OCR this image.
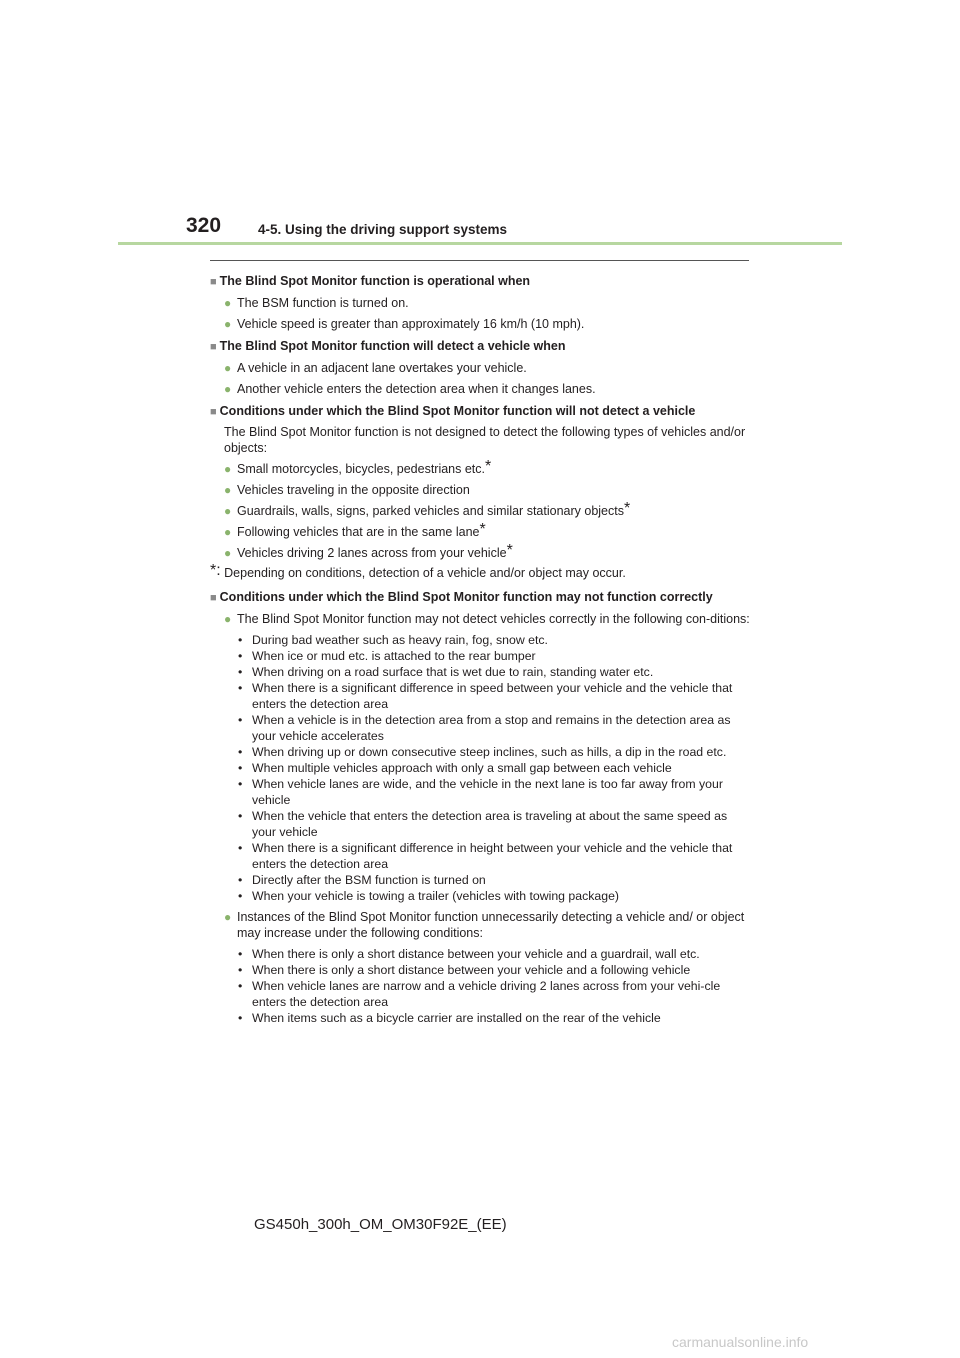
320	4-5. Using the driving support systems
■ The Blind Spot Monitor function is operational when
● The BSM function is turned on.
● Vehicle speed is greater than approximately 16 km/h (10 mph).
■ The Blind Spot Monitor function will detect a vehicle when
● A vehicle in an adjacent lane overtakes your vehicle.
● Another vehicle enters the detection area when it changes lanes.
■ Conditions under which the Blind Spot Monitor function will not detect a vehicle
The Blind Spot Monitor function is not designed to detect the following types of vehicles and/or objects:
● Small motorcycles, bicycles, pedestrians etc.*
● Vehicles traveling in the opposite direction
● Guardrails, walls, signs, parked vehicles and similar stationary objects*
● Following vehicles that are in the same lane*
● Vehicles driving 2 lanes across from your vehicle*
*: Depending on conditions, detection of a vehicle and/or object may occur.
■ Conditions under which the Blind Spot Monitor function may not function correctly
● The Blind Spot Monitor function may not detect vehicles correctly in the following con-ditions:
• During bad weather such as heavy rain, fog, snow etc.
• When ice or mud etc. is attached to the rear bumper
• When driving on a road surface that is wet due to rain, standing water etc.
• When there is a significant difference in speed between your vehicle and the vehicle that enters the detection area
• When a vehicle is in the detection area from a stop and remains in the detection area as your vehicle accelerates
• When driving up or down consecutive steep inclines, such as hills, a dip in the road etc.
• When multiple vehicles approach with only a small gap between each vehicle
• When vehicle lanes are wide, and the vehicle in the next lane is too far away from your vehicle
• When the vehicle that enters the detection area is traveling at about the same speed as your vehicle
• When there is a significant difference in height between your vehicle and the vehicle that enters the detection area
• Directly after the BSM function is turned on
• When your vehicle is towing a trailer (vehicles with towing package)
● Instances of the Blind Spot Monitor function unnecessarily detecting a vehicle and/ or object may increase under the following conditions:
• When there is only a short distance between your vehicle and a guardrail, wall etc.
• When there is only a short distance between your vehicle and a following vehicle
• When vehicle lanes are narrow and a vehicle driving 2 lanes across from your vehi-cle enters the detection area
• When items such as a bicycle carrier are installed on the rear of the vehicle
GS450h_300h_OM_OM30F92E_(EE)
carmanualsonline.info
